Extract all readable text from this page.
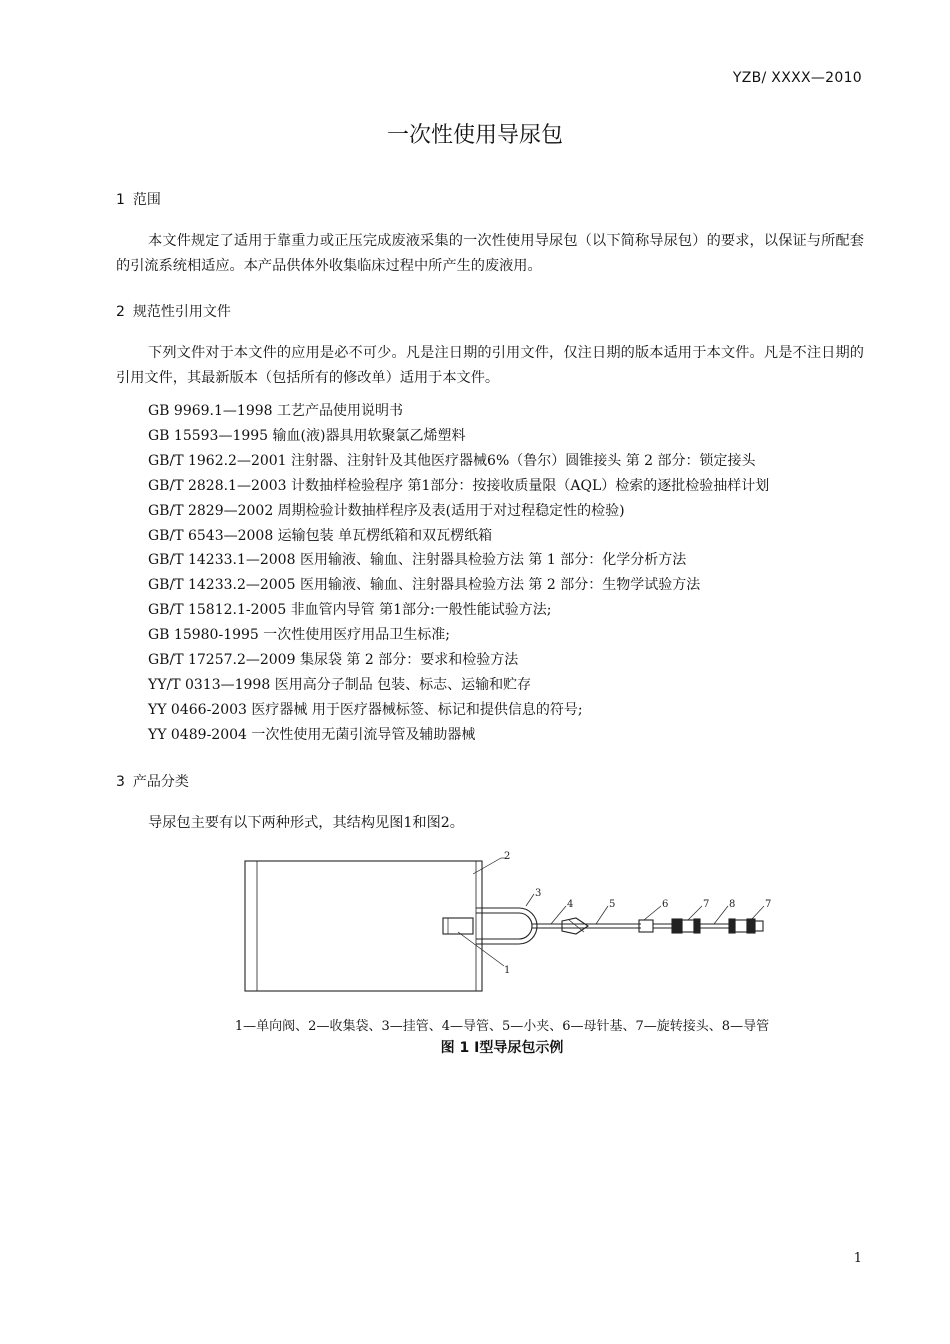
YZB/ XXXX—2010
一次性使用导尿包
1 范围

本文件规定了适用于靠重力或正压完成废液采集的一次性使用导尿包（以下简称导尿包）的要求，以保证与所配套的引流系统相适应。本产品供体外收集临床过程中所产生的废液用。

2 规范性引用文件

下列文件对于本文件的应用是必不可少。凡是注日期的引用文件，仅注日期的版本适用于本文件。凡是不注日期的引用文件，其最新版本（包括所有的修改单）适用于本文件。

GB 9969.1—1998 工艺产品使用说明书
GB 15593—1995 输血(液)器具用软聚氯乙烯塑料
GB/T 1962.2—2001 注射器、注射针及其他医疗器械6%（鲁尔）圆锥接头 第 2 部分：锁定接头
GB/T 2828.1—2003 计数抽样检验程序 第1部分：按接收质量限（AQL）检索的逐批检验抽样计划
GB/T 2829—2002 周期检验计数抽样程序及表(适用于对过程稳定性的检验)
GB/T 6543—2008 运输包装 单瓦楞纸箱和双瓦楞纸箱
GB/T 14233.1—2008 医用输液、输血、注射器具检验方法 第 1 部分：化学分析方法
GB/T 14233.2—2005 医用输液、输血、注射器具检验方法 第 2 部分：生物学试验方法
GB/T 15812.1-2005 非血管内导管 第1部分:一般性能试验方法;
GB 15980-1995 一次性使用医疗用品卫生标准;
GB/T 17257.2—2009 集尿袋 第 2 部分：要求和检验方法
YY/T 0313—1998 医用高分子制品 包装、标志、运输和贮存
YY 0466-2003 医疗器械 用于医疗器械标签、标记和提供信息的符号;
YY 0489-2004 一次性使用无菌引流导管及辅助器械
3 产品分类

导尿包主要有以下两种形式，其结构见图1和图2。

2
3
4	5	6	7 8	7
1
1—单向阀、2—收集袋、3—挂管、4—导管、5—小夹、6—母针基、7—旋转接头、8—导管
图 1 Ⅰ型导尿包示例
1
